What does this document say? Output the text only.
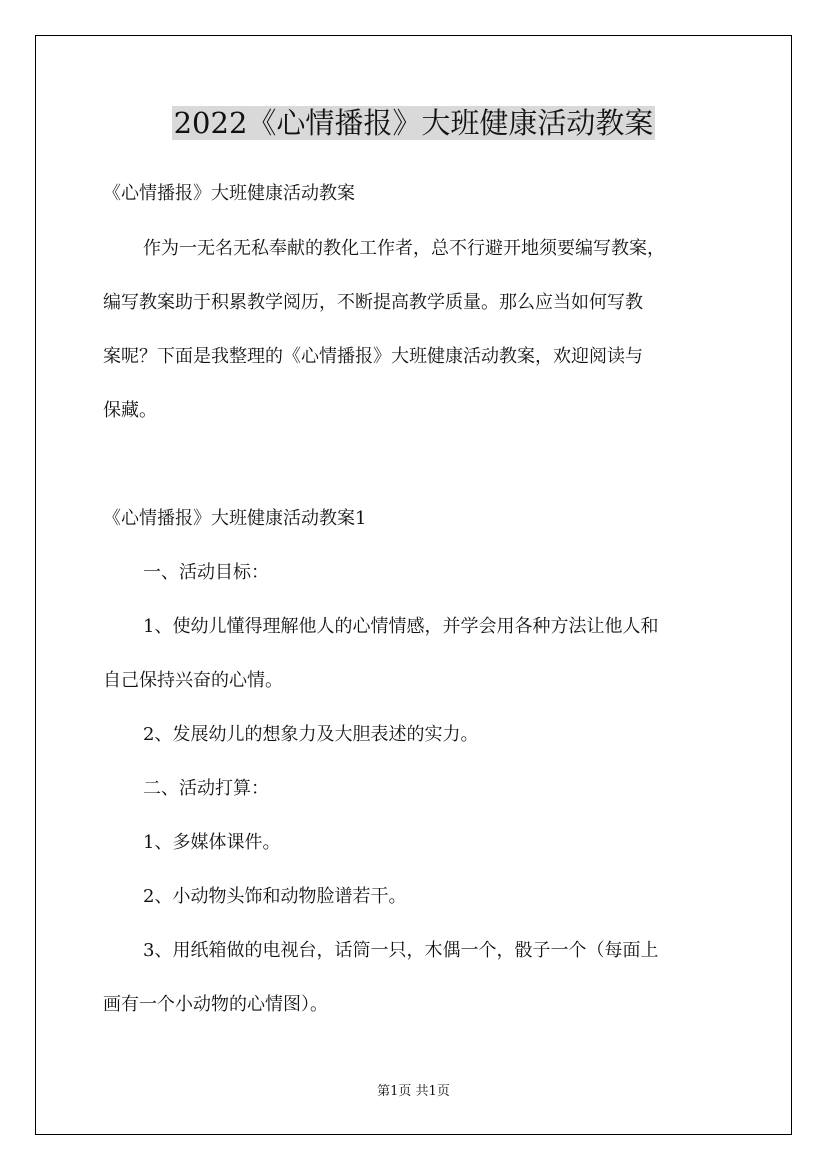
2022《心情播报》大班健康活动教案
《心情播报》大班健康活动教案
作为一无名无私奉献的教化工作者，总不行避开地须要编写教案，
编写教案助于积累教学阅历，不断提高教学质量。那么应当如何写教
案呢？下面是我整理的《心情播报》大班健康活动教案，欢迎阅读与
保藏。
《心情播报》大班健康活动教案1
一、活动目标：
1、使幼儿懂得理解他人的心情情感，并学会用各种方法让他人和
自己保持兴奋的心情。
2、发展幼儿的想象力及大胆表述的实力。
二、活动打算：
1、多媒体课件。
2、小动物头饰和动物脸谱若干。
3、用纸箱做的电视台，话筒一只，木偶一个，骰子一个（每面上
画有一个小动物的心情图）。
第1页 共1页
